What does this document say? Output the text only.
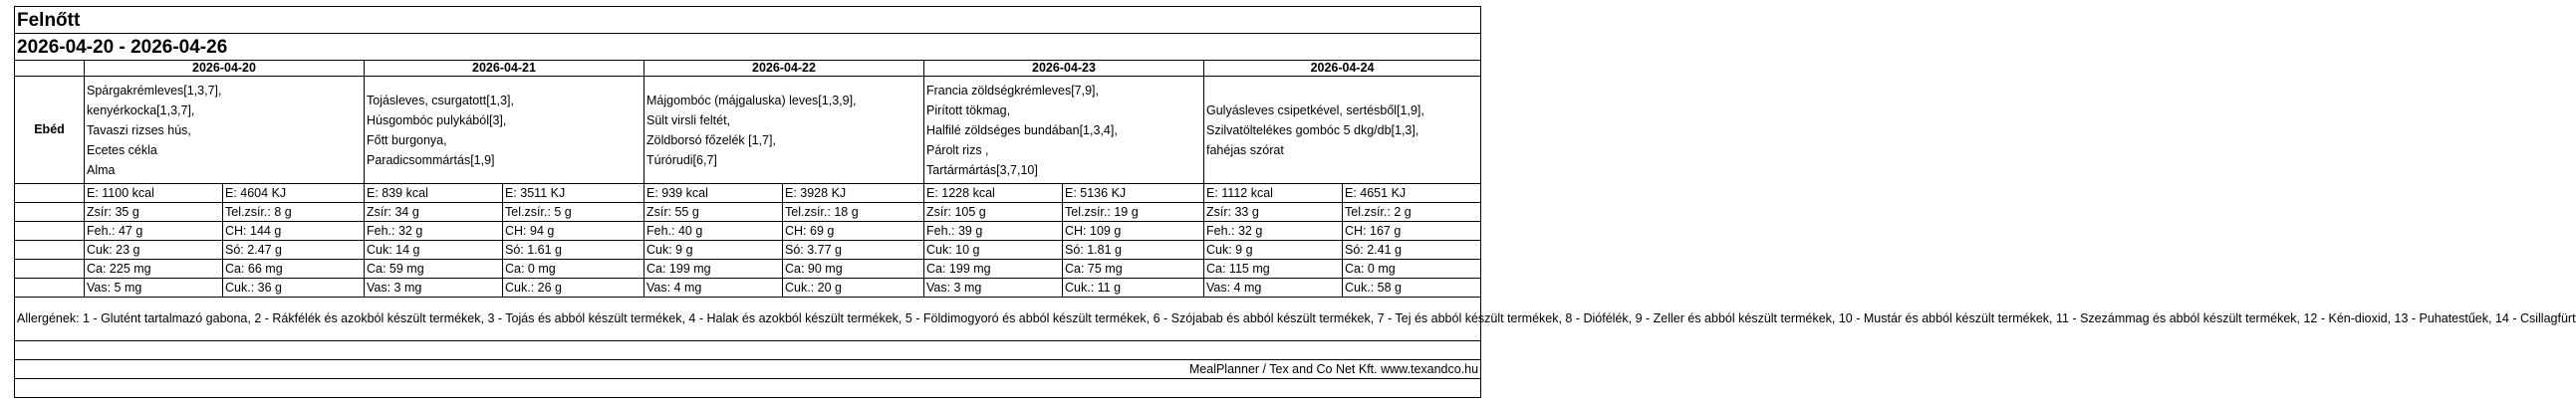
Felnőtt										
2026-04-20 - 2026-04-26										
	2026-04-20		2026-04-21		2026-04-22		2026-04-23		2026-04-24	
Ebéd	Spárgakrémleves[1,3,7],
kenyérkocka[1,3,7],
Tavaszi rizses hús,
Ecetes cékla
Alma		Tojásleves, csurgatott[1,3],
Húsgombóc pulykából[3],
Főtt burgonya,
Paradicsommártás[1,9]		Májgombóc (májgaluska) leves[1,3,9],
Sült virsli feltét,
Zöldborsó főzelék [1,7],
Túrórudi[6,7]		Francia zöldségkrémleves[7,9],
Pirított tökmag,
Halfilé zöldséges bundában[1,3,4],
Párolt rizs ,
Tartármártás[3,7,10]		Gulyásleves csipetkével, sertésből[1,9],
Szilvatöltelékes gombóc 5 dkg/db[1,3],
fahéjas szórat	

	E: 1100 kcal	E: 4604 KJ	E: 839 kcal	E: 3511 KJ	E: 939 kcal	E: 3928 KJ	E: 1228 kcal	E: 5136 KJ	E: 1112 kcal	E: 4651 KJ
	Zsír: 35 g	Tel.zsír.: 8 g	Zsír: 34 g	Tel.zsír.: 5 g	Zsír: 55 g	Tel.zsír.: 18 g	Zsír: 105 g	Tel.zsír.: 19 g	Zsír: 33 g	Tel.zsír.: 2 g
	Feh.: 47 g	CH: 144 g	Feh.: 32 g	CH: 94 g	Feh.: 40 g	CH: 69 g	Feh.: 39 g	CH: 109 g	Feh.: 32 g	CH: 167 g
	Cuk: 23 g	Só: 2.47 g	Cuk: 14 g	Só: 1.61 g	Cuk: 9 g	Só: 3.77 g	Cuk: 10 g	Só: 1.81 g	Cuk: 9 g	Só: 2.41 g
	Ca: 225 mg	Ca: 66 mg	Ca: 59 mg	Ca: 0 mg	Ca: 199 mg	Ca: 90 mg	Ca: 199 mg	Ca: 75 mg	Ca: 115 mg	Ca: 0 mg
	Vas: 5 mg	Cuk.: 36 g	Vas: 3 mg	Cuk.: 26 g	Vas: 4 mg	Cuk.: 20 g	Vas: 3 mg	Cuk.: 11 g	Vas: 4 mg	Cuk.: 58 g
Allergének: 1 - Glutént tartalmazó gabona, 2 - Rákfélék és azokból készült termékek, 3 - Tojás és abból készült termékek, 4 - Halak és azokból készült termékek, 5 - Földimogyoró és abból készült termékek, 6 - Szójabab és abból készült termékek, 7 - Tej és abból készült termékek, 8 - Diófélék, 9 - Zeller és abból készült termékek, 10 - Mustár és abból készült termékek, 11 - Szezámmag és abból készült termékek, 12 - Kén-dioxid, 13 - Puhatestűek, 14 - Csillagfürt										

MealPlanner / Tex and Co Net Kft. www.texandco.hu										
